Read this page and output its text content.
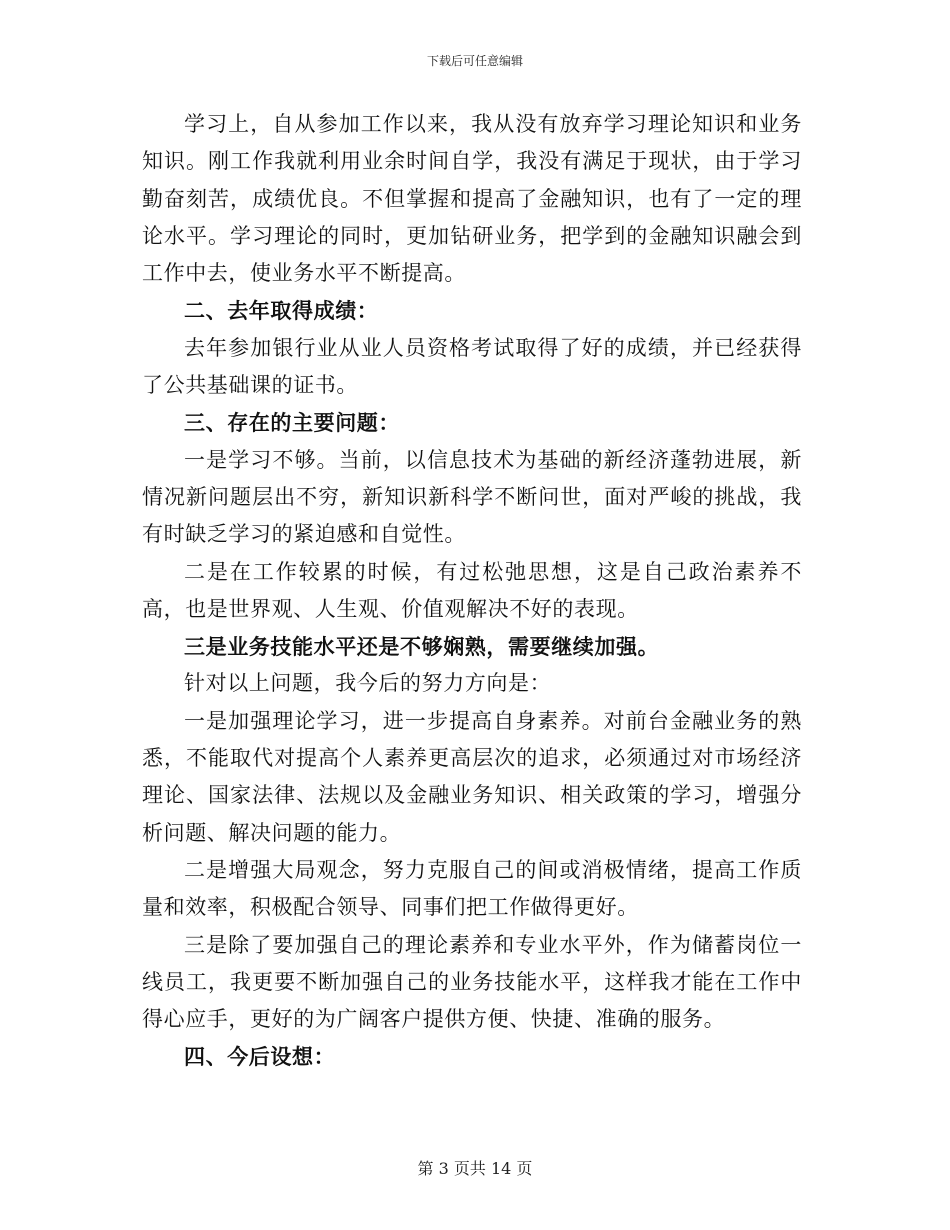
下载后可任意编辑

学习上，自从参加工作以来，我从没有放弃学习理论知识和业务知识。刚工作我就利用业余时间自学，我没有满足于现状，由于学习勤奋刻苦，成绩优良。不但掌握和提高了金融知识，也有了一定的理论水平。学习理论的同时，更加钻研业务，把学到的金融知识融会到工作中去，使业务水平不断提高。

二、去年取得成绩：

去年参加银行业从业人员资格考试取得了好的成绩，并已经获得了公共基础课的证书。

三、存在的主要问题：

一是学习不够。当前，以信息技术为基础的新经济蓬勃进展，新情况新问题层出不穷，新知识新科学不断问世，面对严峻的挑战，我有时缺乏学习的紧迫感和自觉性。

二是在工作较累的时候，有过松弛思想，这是自己政治素养不高，也是世界观、人生观、价值观解决不好的表现。

三是业务技能水平还是不够娴熟，需要继续加强。

针对以上问题，我今后的努力方向是：

一是加强理论学习，进一步提高自身素养。对前台金融业务的熟悉，不能取代对提高个人素养更高层次的追求，必须通过对市场经济理论、国家法律、法规以及金融业务知识、相关政策的学习，增强分析问题、解决问题的能力。

二是增强大局观念，努力克服自己的间或消极情绪，提高工作质量和效率，积极配合领导、同事们把工作做得更好。

三是除了要加强自己的理论素养和专业水平外，作为储蓄岗位一线员工，我更要不断加强自己的业务技能水平，这样我才能在工作中得心应手，更好的为广阔客户提供方便、快捷、准确的服务。

四、今后设想：

第 3 页共 14 页
